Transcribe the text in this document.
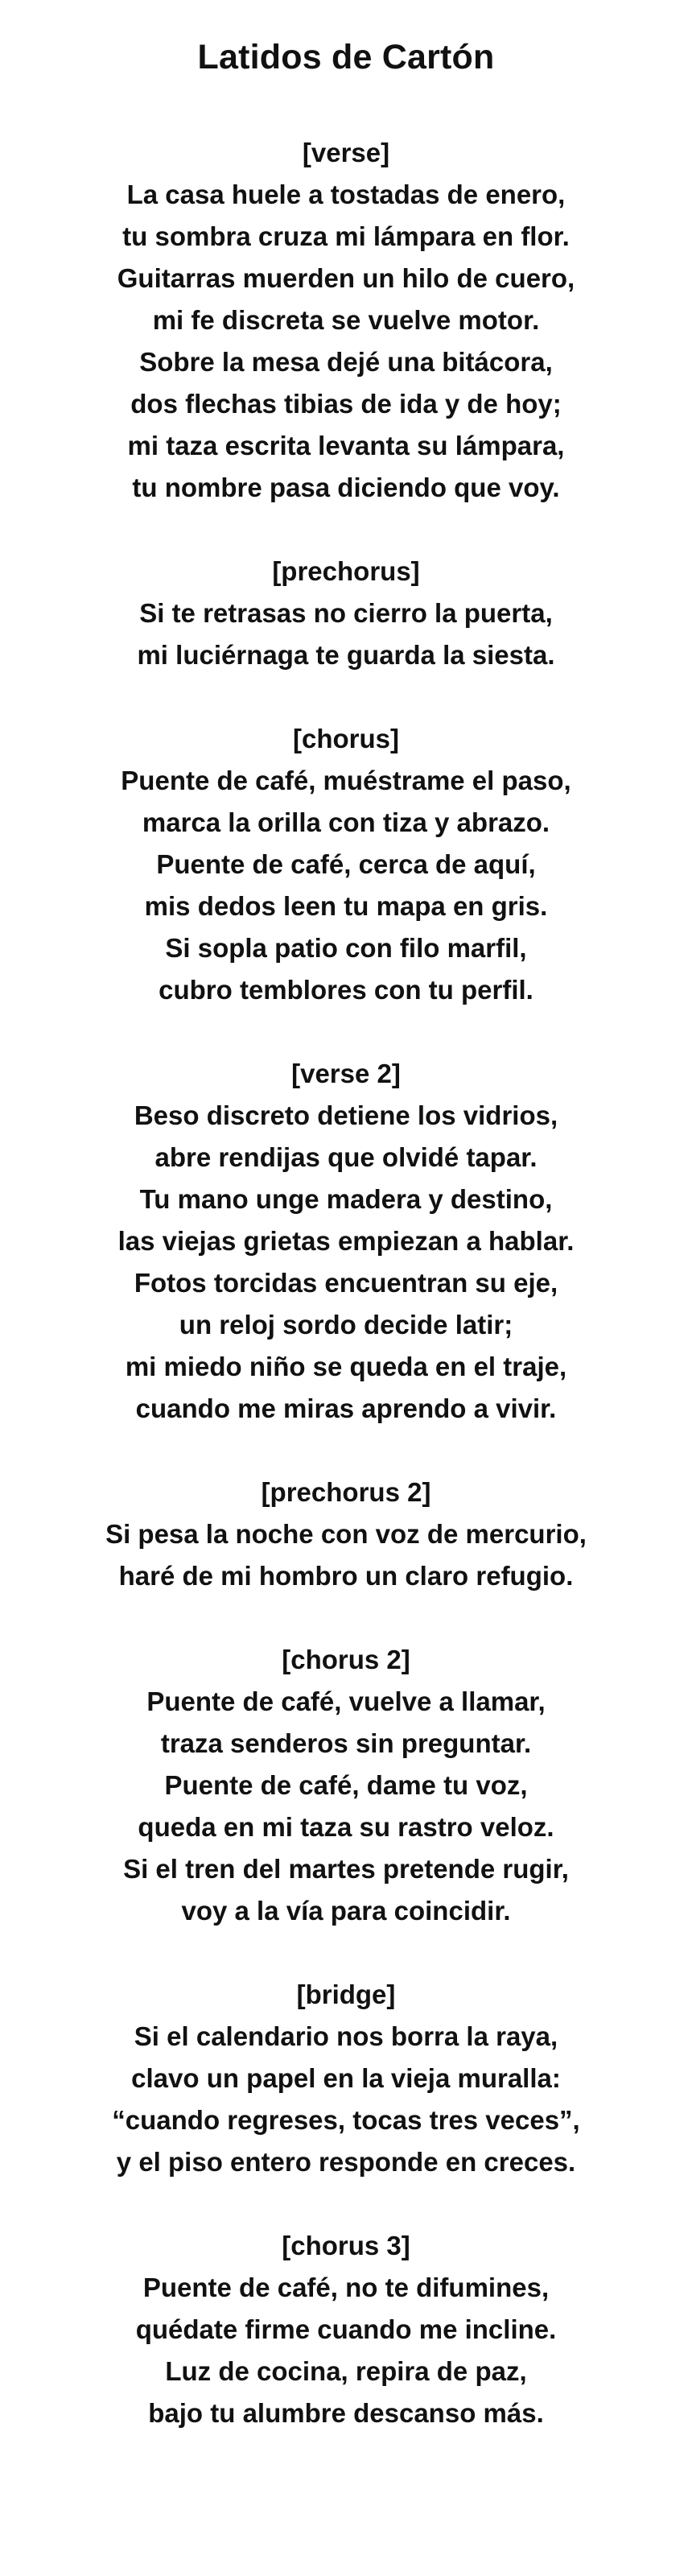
Latidos de Cartón
[verse]
La casa huele a tostadas de enero,
tu sombra cruza mi lámpara en flor.
Guitarras muerden un hilo de cuero,
mi fe discreta se vuelve motor.
Sobre la mesa dejé una bitácora,
dos flechas tibias de ida y de hoy;
mi taza escrita levanta su lámpara,
tu nombre pasa diciendo que voy.
[prechorus]
Si te retrasas no cierro la puerta,
mi luciérnaga te guarda la siesta.
[chorus]
Puente de café, muéstrame el paso,
marca la orilla con tiza y abrazo.
Puente de café, cerca de aquí,
mis dedos leen tu mapa en gris.
Si sopla patio con filo marfil,
cubro temblores con tu perfil.
[verse 2]
Beso discreto detiene los vidrios,
abre rendijas que olvidé tapar.
Tu mano unge madera y destino,
las viejas grietas empiezan a hablar.
Fotos torcidas encuentran su eje,
un reloj sordo decide latir;
mi miedo niño se queda en el traje,
cuando me miras aprendo a vivir.
[prechorus 2]
Si pesa la noche con voz de mercurio,
haré de mi hombro un claro refugio.
[chorus 2]
Puente de café, vuelve a llamar,
traza senderos sin preguntar.
Puente de café, dame tu voz,
queda en mi taza su rastro veloz.
Si el tren del martes pretende rugir,
voy a la vía para coincidir.
[bridge]
Si el calendario nos borra la raya,
clavo un papel en la vieja muralla:
“cuando regreses, tocas tres veces”,
y el piso entero responde en creces.
[chorus 3]
Puente de café, no te difumines,
quédate firme cuando me incline.
Luz de cocina, repira de paz,
bajo tu alumbre descanso más.
